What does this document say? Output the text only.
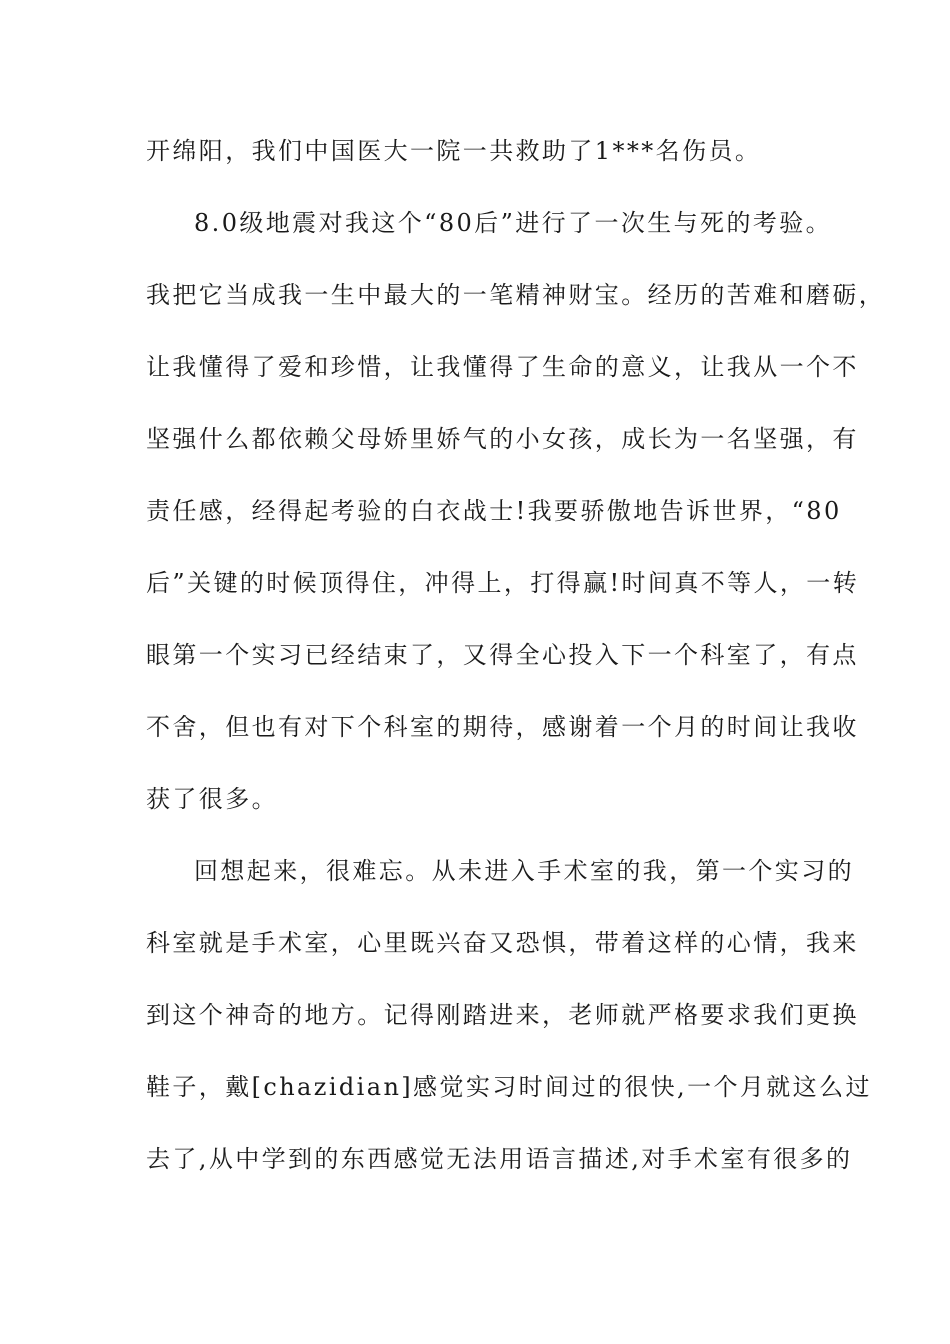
开绵阳，我们中国医大一院一共救助了1***名伤员。
8.0级地震对我这个“80后”进行了一次生与死的考验。
我把它当成我一生中最大的一笔精神财宝。经历的苦难和磨砺，
让我懂得了爱和珍惜，让我懂得了生命的意义，让我从一个不
坚强什么都依赖父母娇里娇气的小女孩，成长为一名坚强，有
责任感，经得起考验的白衣战士!我要骄傲地告诉世界，“80
后”关键的时候顶得住，冲得上，打得赢!时间真不等人，一转
眼第一个实习已经结束了，又得全心投入下一个科室了，有点
不舍，但也有对下个科室的期待，感谢着一个月的时间让我收
获了很多。
回想起来，很难忘。从未进入手术室的我，第一个实习的
科室就是手术室，心里既兴奋又恐惧，带着这样的心情，我来
到这个神奇的地方。记得刚踏进来，老师就严格要求我们更换
鞋子，戴[chazidian]感觉实习时间过的很快,一个月就这么过
去了,从中学到的东西感觉无法用语言描述,对手术室有很多的
